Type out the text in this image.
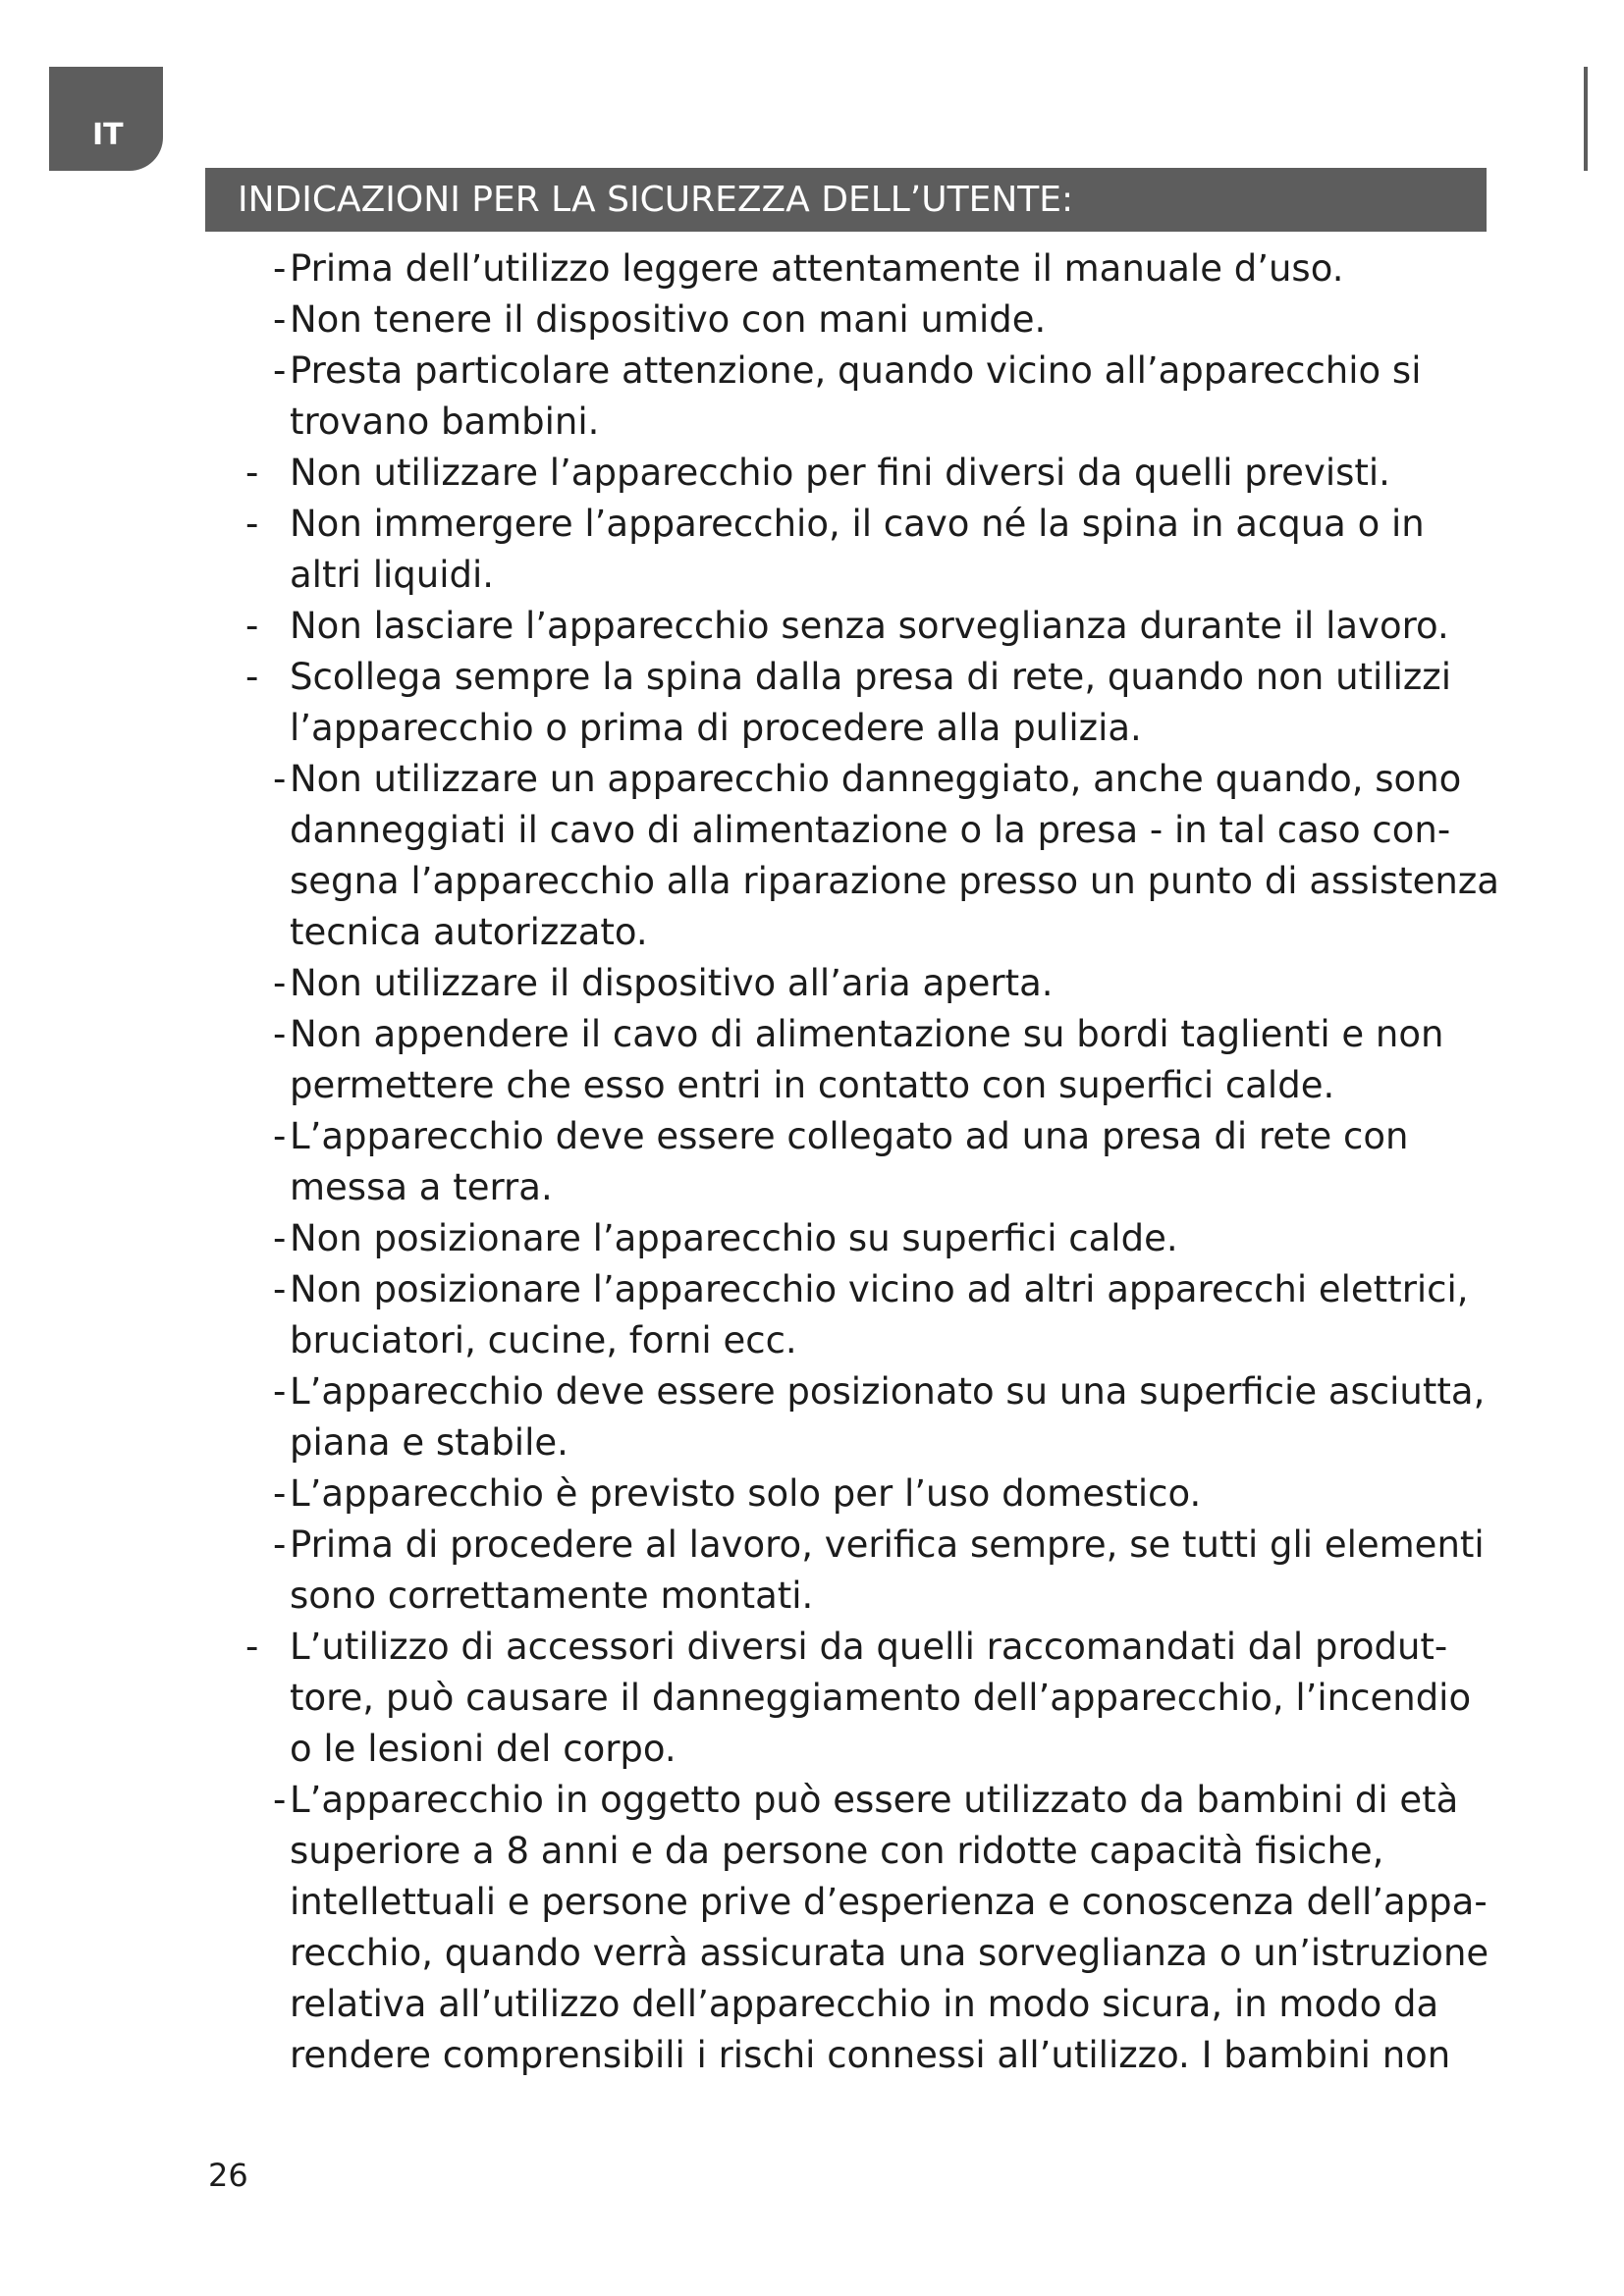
IT
INDICAZIONI PER LA SICUREZZA DELL’UTENTE:
- Prima dell’utilizzo leggere attentamente il manuale d’uso.
- Non tenere il dispositivo con mani umide.
- Presta particolare attenzione, quando vicino all’apparecchio si
trovano bambini.
- Non utilizzare l’apparecchio per fini diversi da quelli previsti.
- Non immergere l’apparecchio, il cavo né la spina in acqua o in
altri liquidi.
- Non lasciare l’apparecchio senza sorveglianza durante il lavoro.
- Scollega sempre la spina dalla presa di rete, quando non utilizzi
l’apparecchio o prima di procedere alla pulizia.
- Non utilizzare un apparecchio danneggiato, anche quando, sono
danneggiati il cavo di alimentazione o la presa - in tal caso con-
segna l’apparecchio alla riparazione presso un punto di assistenza
tecnica autorizzato.
- Non utilizzare il dispositivo all’aria aperta.
- Non appendere il cavo di alimentazione su bordi taglienti e non
permettere che esso entri in contatto con superfici calde.
- L’apparecchio deve essere collegato ad una presa di rete con
messa a terra.
- Non posizionare l’apparecchio su superfici calde.
- Non posizionare l’apparecchio vicino ad altri apparecchi elettrici,
bruciatori, cucine, forni ecc.
- L’apparecchio deve essere posizionato su una superficie asciutta,
piana e stabile.
- L’apparecchio è previsto solo per l’uso domestico.
- Prima di procedere al lavoro, verifica sempre, se tutti gli elementi
sono correttamente montati.
- L’utilizzo di accessori diversi da quelli raccomandati dal produt-
tore, può causare il danneggiamento dell’apparecchio, l’incendio
o le lesioni del corpo.
- L’apparecchio in oggetto può essere utilizzato da bambini di età
superiore a 8 anni e da persone con ridotte capacità fisiche,
intellettuali e persone prive d’esperienza e conoscenza dell’appa-
recchio, quando verrà assicurata una sorveglianza o un’istruzione
relativa all’utilizzo dell’apparecchio in modo sicura, in modo da
rendere comprensibili i rischi connessi all’utilizzo. I bambini non
26
